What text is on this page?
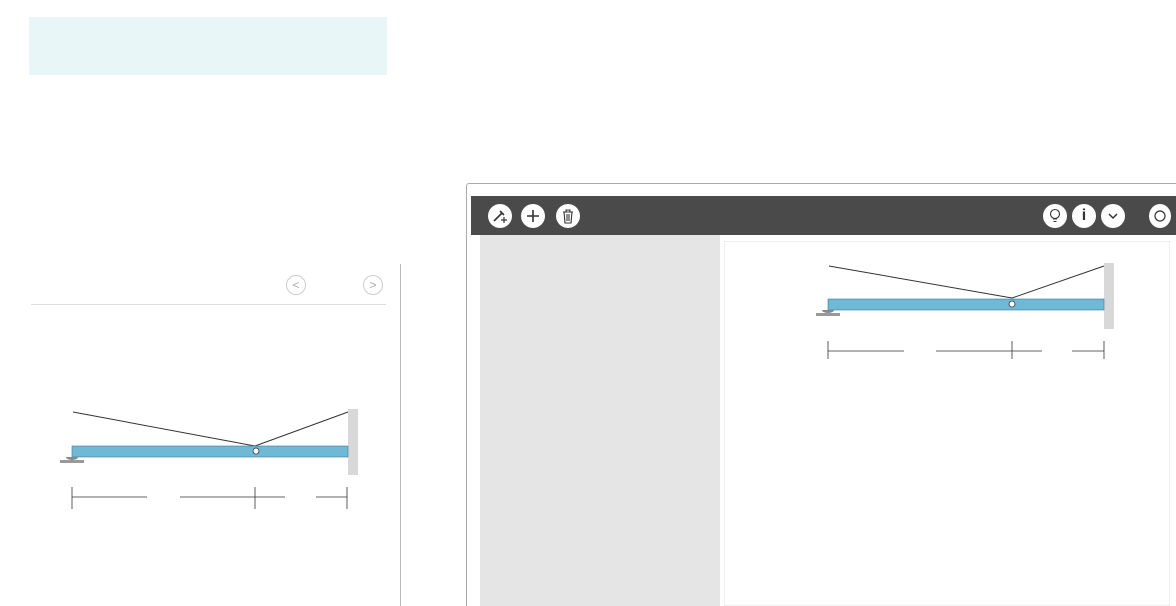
<	>
i
